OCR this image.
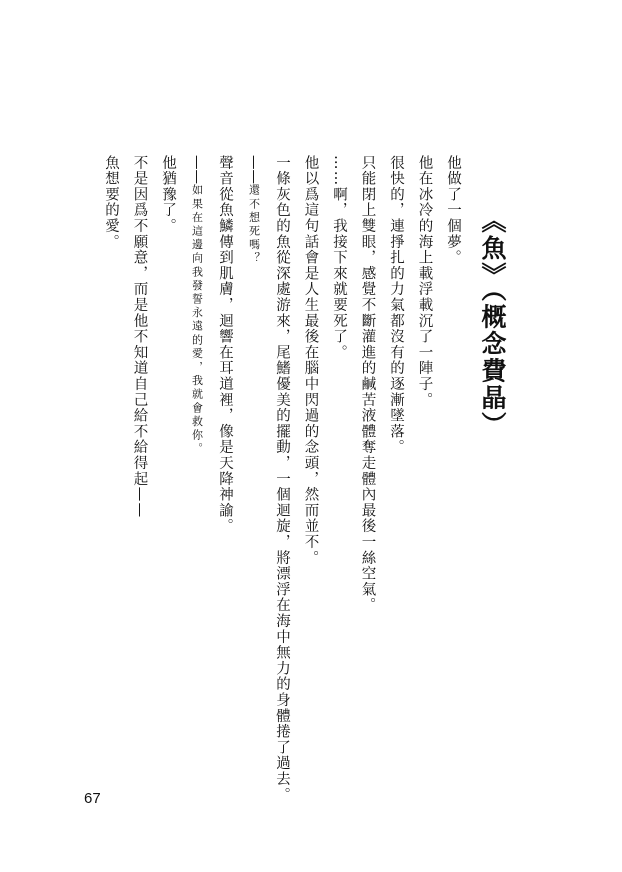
《魚》（概念費晶）

他做了一個夢。

他在冰冷的海上載浮載沉了一陣子。

很快的，連掙扎的力氣都沒有的逐漸墜落。

只能閉上雙眼，感覺不斷灌進的鹹苦液體奪走體內最後一絲空氣。

……啊，我接下來就要死了。

他以爲這句話會是人生最後在腦中閃過的念頭，然而並不。

一條灰色的魚從深處游來，尾鰭優美的擺動，一個迴旋，將漂浮在海中無力的身體捲了過去。

——還不想死嗎？

聲音從魚鱗傳到肌膚，迴響在耳道裡，像是天降神諭。

——如果在這邊向我發誓永遠的愛，我就會救你。

他猶豫了。

不是因爲不願意，而是他不知道自己給不給得起——

魚想要的愛。

67
